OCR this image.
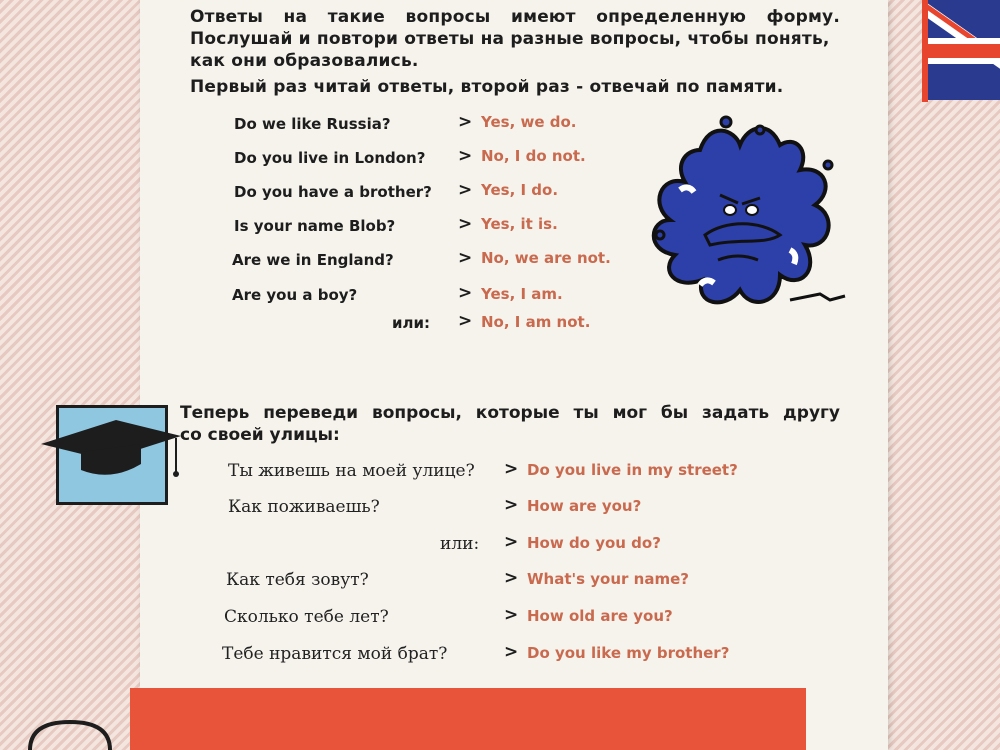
Ответы на такие вопросы имеют определенную форму.

Послушай и повтори ответы на разные вопросы, чтобы понять,

как они образовались.

Первый раз читай ответы, второй раз - отвечай по памяти.

Do we like Russia?	> Yes, we do.
Do you live in London? > No, I do not.
Do you have a brother? > Yes, I do.
Is your name Blob?	> Yes, it is.
Are we in England?	> No, we are not.
Are you a boy?	> Yes, I am.
или: > No, I am not.

Теперь переведи вопросы, которые ты мог бы задать другу

со своей улицы:

Ты живешь на моей улице? > Do you live in my street?
Как поживаешь?	> How are you?
или: > How do you do?
Как тебя зовут?	> What's your name?
Сколько тебе лет?	> How old are you?
Тебе нравится мой брат?	> Do you like my brother?
